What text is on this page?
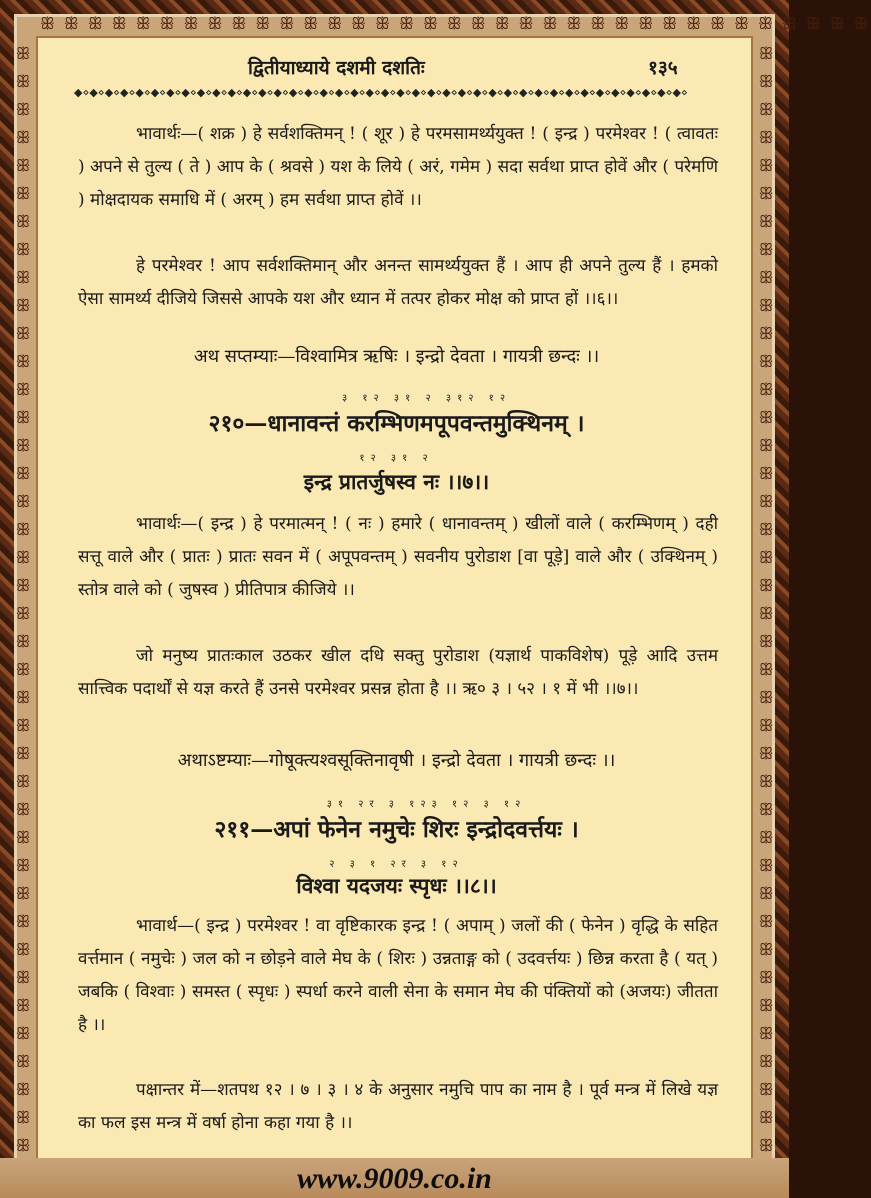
ꕥ ꕥ ꕥ ꕥ ꕥ ꕥ ꕥ ꕥ ꕥ ꕥ ꕥ ꕥ ꕥ ꕥ ꕥ ꕥ ꕥ ꕥ ꕥ ꕥ ꕥ ꕥ ꕥ ꕥ ꕥ ꕥ ꕥ ꕥ ꕥ ꕥ ꕥ ꕥ ꕥ ꕥ ꕥ
ꕥꕥꕥꕥꕥꕥꕥꕥꕥꕥꕥꕥꕥꕥꕥꕥꕥꕥꕥꕥꕥꕥꕥꕥꕥꕥꕥꕥꕥꕥꕥꕥꕥꕥꕥꕥꕥꕥꕥꕥ
ꕥꕥꕥꕥꕥꕥꕥꕥꕥꕥꕥꕥꕥꕥꕥꕥꕥꕥꕥꕥꕥꕥꕥꕥꕥꕥꕥꕥꕥꕥꕥꕥꕥꕥꕥꕥꕥꕥꕥꕥ
द्वितीयाध्याये दशमी दशतिः	१३५
◆⋄◆⋄◆⋄◆⋄◆⋄◆⋄◆⋄◆⋄◆⋄◆⋄◆⋄◆⋄◆⋄◆⋄◆⋄◆⋄◆⋄◆⋄◆⋄◆⋄◆⋄◆⋄◆⋄◆⋄◆⋄◆⋄◆⋄◆⋄◆⋄◆⋄◆⋄◆⋄◆⋄◆⋄◆⋄◆⋄◆⋄◆⋄◆⋄◆⋄
भावार्थः—( शक्र ) हे सर्वशक्तिमन् ! ( शूर ) हे परमसामर्थ्ययुक्त ! ( इन्द्र ) परमेश्वर ! ( त्वावतः ) अपने से तुल्य ( ते ) आप के ( श्रवसे ) यश के लिये ( अरं, गमेम ) सदा सर्वथा प्राप्त होवें और ( परेमणि ) मोक्षदायक समाधि में ( अरम् ) हम सर्वथा प्राप्त होवें ।।
हे परमेश्वर ! आप सर्वशक्तिमान् और अनन्त सामर्थ्ययुक्त हैं । आप ही अपने तुल्य हैं । हमको ऐसा सामर्थ्य दीजिये जिससे आपके यश और ध्यान में तत्पर होकर मोक्ष को प्राप्त हों ।।६।।
अथ सप्तम्याः—विश्वामित्र ऋषिः । इन्द्रो देवता । गायत्री छन्दः ।।
३ १२ ३१ २ ३१२ १२
२१०—धानावन्तं करम्भिणमपूपवन्तमुक्थिनम् ।
१२ ३१ २
इन्द्र प्रातर्जुषस्व नः ।।७।।
भावार्थः—( इन्द्र ) हे परमात्मन् ! ( नः ) हमारे ( धानावन्तम् ) खीलों वाले ( करम्भिणम् ) दही सत्तू वाले और ( प्रातः ) प्रातः सवन में ( अपूपवन्तम् ) सवनीय पुरोडाश [वा पूड़े] वाले और ( उक्थिनम् ) स्तोत्र वाले को ( जुषस्व ) प्रीतिपात्र कीजिये ।।
जो मनुष्य प्रातःकाल उठकर खील दधि सक्तु पुरोडाश (यज्ञार्थ पाकविशेष) पूड़े आदि उत्तम सात्त्विक पदार्थों से यज्ञ करते हैं उनसे परमेश्वर प्रसन्न होता है ।। ऋ० ३ । ५२ । १ में भी ।।७।।
अथाऽष्टम्याः—गोषूक्त्यश्वसूक्तिनावृषी । इन्द्रो देवता । गायत्री छन्दः ।।
३१ २र ३ १२३ १२ ३ १२
२११—अपां फेनेन नमुचेः शिरः इन्द्रोदवर्त्तयः ।
२ ३ १ २र ३ १२
विश्वा यदजयः स्पृधः ।।८।।
भावार्थ—( इन्द्र ) परमेश्वर ! वा वृष्टिकारक इन्द्र ! ( अपाम् ) जलों की ( फेनेन ) वृद्धि के सहित वर्त्तमान ( नमुचेः ) जल को न छोड़ने वाले मेघ के ( शिरः ) उन्नताङ्ग को ( उदवर्त्तयः ) छिन्न करता है ( यत् ) जबकि ( विश्वाः ) समस्त ( स्पृधः ) स्पर्धा करने वाली सेना के समान मेघ की पंक्तियों को (अजयः) जीतता है ।।
पक्षान्तर में—शतपथ १२ । ७ । ३ । ४ के अनुसार नमुचि पाप का नाम है । पूर्व मन्त्र में लिखे यज्ञ का फल इस मन्त्र में वर्षा होना कहा गया है ।।
www.9009.co.in
